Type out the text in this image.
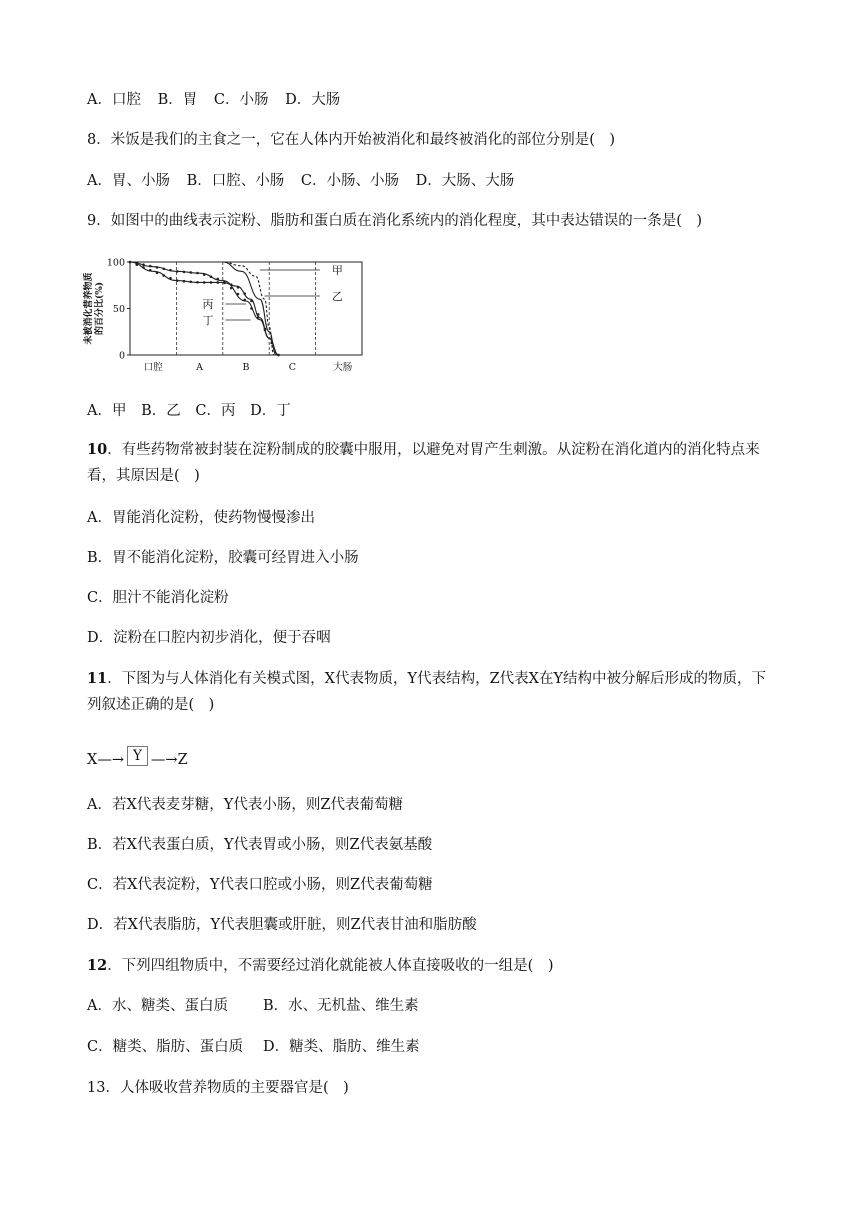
A．口腔 B．胃 C．小肠 D．大肠
8．米饭是我们的主食之一，它在人体内开始被消化和最终被消化的部位分别是(　)
A．胃、小肠 B．口腔、小肠 C．小肠、小肠 D．大肠、大肠
9．如图中的曲线表示淀粉、脂肪和蛋白质在消化系统内的消化程度，其中表达错误的一条是(　)
未被消化营养物质 的百分比(%)
100
50
0
口腔	A	B	C	大肠
甲
乙
丙
丁
A．甲 B．乙 C．丙 D．丁
10．有些药物常被封装在淀粉制成的胶囊中服用，以避免对胃产生刺激。从淀粉在消化道内的消化特点来看，其原因是(　)
A．胃能消化淀粉，使药物慢慢渗出
B．胃不能消化淀粉，胶囊可经胃进入小肠
C．胆汁不能消化淀粉
D．淀粉在口腔内初步消化，便于吞咽
11．下图为与人体消化有关模式图，X代表物质，Y代表结构，Z代表X在Y结构中被分解后形成的物质，下列叙述正确的是(　)
X—→ Y —→Z
A．若X代表麦芽糖，Y代表小肠，则Z代表葡萄糖
B．若X代表蛋白质，Y代表胃或小肠，则Z代表氨基酸
C．若X代表淀粉，Y代表口腔或小肠，则Z代表葡萄糖
D．若X代表脂肪，Y代表胆囊或肝脏，则Z代表甘油和脂肪酸
12．下列四组物质中，不需要经过消化就能被人体直接吸收的一组是(　)
A．水、糖类、蛋白质 B．水、无机盐、维生素
C．糖类、脂肪、蛋白质 D．糖类、脂肪、维生素
13．人体吸收营养物质的主要器官是(　)
